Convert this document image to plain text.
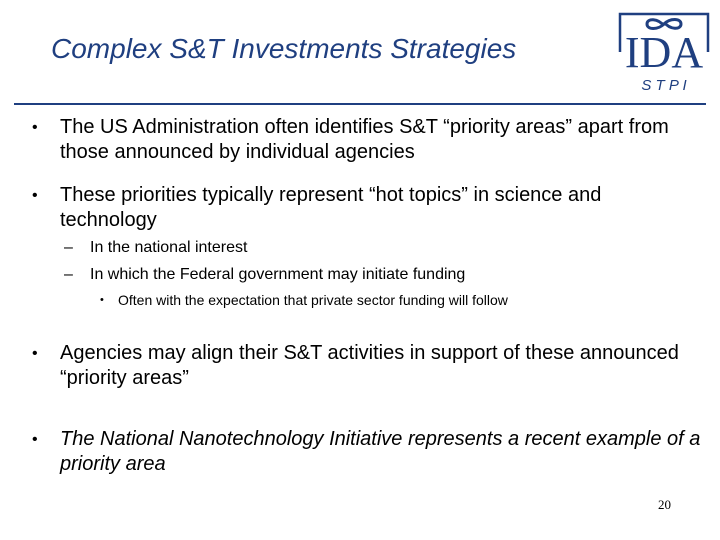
Complex S&T Investments Strategies IDA
S T P I
• The US Administration often identifies S&T “priority areas” apart from those announced by individual agencies
• These priorities typically represent “hot topics” in science and technology
– In the national interest
– In which the Federal government may initiate funding
• Often with the expectation that private sector funding will follow
• Agencies may align their S&T activities in support of these announced “priority areas”
• The National Nanotechnology Initiative represents a recent example of a priority area
20
